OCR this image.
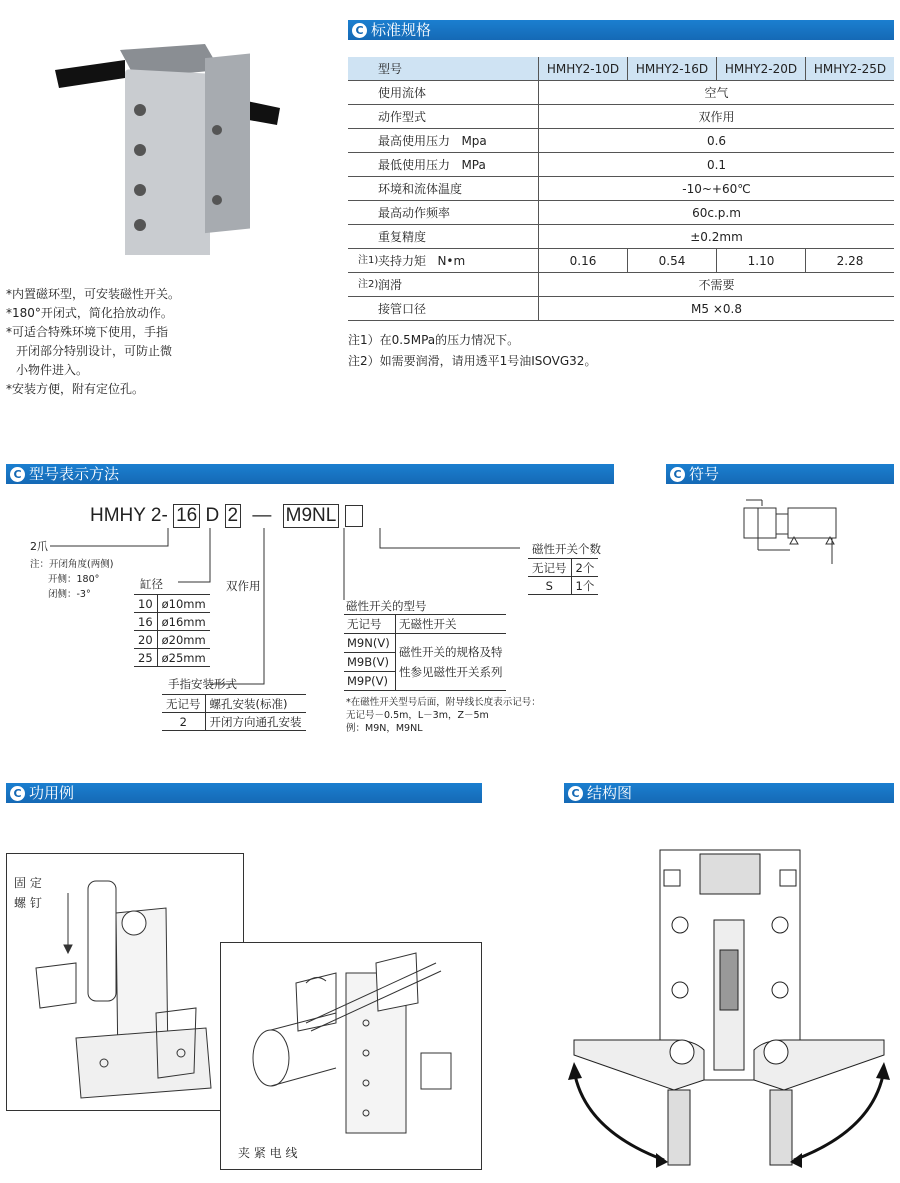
*内置磁环型，可安装磁性开关。
*180°开闭式，简化拾放动作。
*可适合特殊环境下使用，手指
开闭部分特别设计，可防止微
小物件进入。
*安装方便，附有定位孔。
C 标准规格
型号	HMHY2-10D	HMHY2-16D	HMHY2-20D	HMHY2-25D
使用流体	空气			
动作型式	双作用			
最高使用压力   Mpa	0.6			
最低使用压力   MPa	0.1			
环境和流体温度	-10~+60℃			
最高动作频率	60c.p.m			
重复精度	±0.2mm			

注1) 夹持力矩   N•m	0.16	0.54	1.10	2.28

注2) 润滑	不需要			
接管口径	M5 ×0.8			
注1）在0.5MPa的压力情况下。
注2）如需要润滑，请用透平1号油ISOVG32。
C 型号表示方法
HMHY 2- 16 D 2 — M9NL
2爪
注：开闭角度(两侧)
开侧：180°
闭侧：-3°
缸径
10	ø10mm
16	ø16mm
20	ø20mm
25	ø25mm
双作用
手指安装形式
无记号	螺孔安装(标准)
2	开闭方向通孔安装
磁性开关的型号
无记号	无磁性开关
M9N(V)
M9B(V)
M9P(V)
磁性开关的规格及特
性参见磁性开关系列
*在磁性开关型号后面，附导线长度表示记号：
无记号－0.5m，L－3m，Z－5m
例：M9N，M9NL
磁性开关个数
无记号	2个
S	1个
C 符号
C 功用例
固 定
螺 钉
夹 紧 电 线
C 结构图
